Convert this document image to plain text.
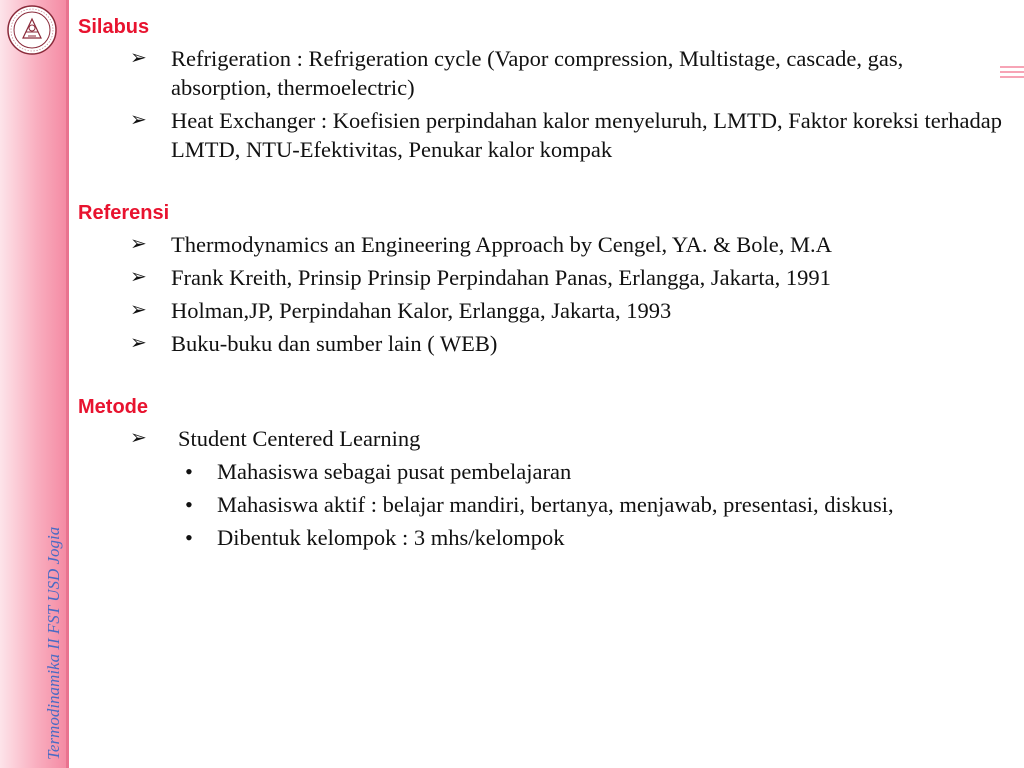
Termodinamika II FST USD Jogia
Silabus
➢ Refrigeration : Refrigeration cycle (Vapor compression, Multistage, cascade, gas, absorption, thermoelectric)
➢ Heat Exchanger : Koefisien perpindahan kalor menyeluruh, LMTD, Faktor koreksi terhadap LMTD, NTU-Efektivitas, Penukar kalor kompak
Referensi
➢ Thermodynamics an Engineering Approach by Cengel, YA. & Bole, M.A
➢ Frank Kreith, Prinsip Prinsip Perpindahan Panas, Erlangga, Jakarta, 1991
➢ Holman,JP, Perpindahan Kalor, Erlangga, Jakarta, 1993
➢ Buku-buku dan sumber lain ( WEB)
Metode
➢ Student Centered Learning
• Mahasiswa sebagai pusat pembelajaran
• Mahasiswa aktif : belajar mandiri, bertanya, menjawab, presentasi, diskusi,
• Dibentuk kelompok : 3 mhs/kelompok
